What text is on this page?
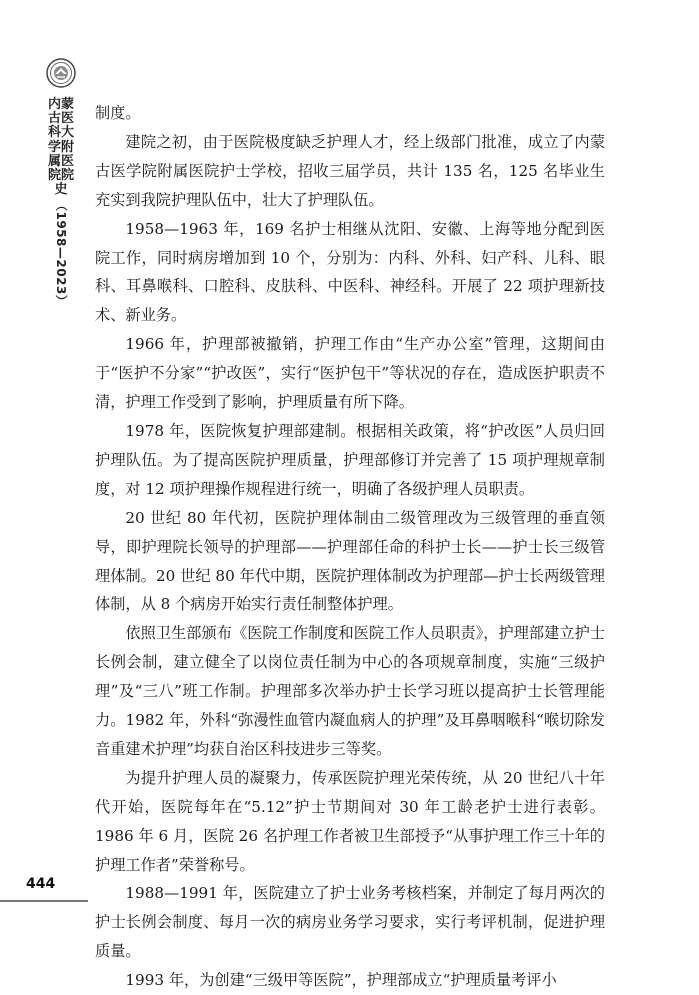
内蒙古医科大学附属医院院史
（1958—2023）
444

制度。

建院之初，由于医院极度缺乏护理人才，经上级部门批准，成立了内蒙古医学院附属医院护士学校，招收三届学员，共计 135 名，125 名毕业生充实到我院护理队伍中，壮大了护理队伍。

1958—1963 年，169 名护士相继从沈阳、安徽、上海等地分配到医院工作，同时病房增加到 10 个，分别为：内科、外科、妇产科、儿科、眼科、耳鼻喉科、口腔科、皮肤科、中医科、神经科。开展了 22 项护理新技术、新业务。

1966 年，护理部被撤销，护理工作由“生产办公室”管理，这期间由于“医护不分家”“护改医”，实行“医护包干”等状况的存在，造成医护职责不清，护理工作受到了影响，护理质量有所下降。

1978 年，医院恢复护理部建制。根据相关政策，将“护改医”人员归回护理队伍。为了提高医院护理质量，护理部修订并完善了 15 项护理规章制度，对 12 项护理操作规程进行统一，明确了各级护理人员职责。

20 世纪 80 年代初，医院护理体制由二级管理改为三级管理的垂直领导，即护理院长领导的护理部——护理部任命的科护士长——护士长三级管理体制。20 世纪 80 年代中期，医院护理体制改为护理部—护士长两级管理体制，从 8 个病房开始实行责任制整体护理。

依照卫生部颁布《医院工作制度和医院工作人员职责》，护理部建立护士长例会制，建立健全了以岗位责任制为中心的各项规章制度，实施“三级护理”及“三八”班工作制。护理部多次举办护士长学习班以提高护士长管理能力。1982 年，外科“弥漫性血管内凝血病人的护理”及耳鼻咽喉科“喉切除发音重建术护理”均获自治区科技进步三等奖。

为提升护理人员的凝聚力，传承医院护理光荣传统，从 20 世纪八十年代开始，医院每年在“5.12”护士节期间对 30 年工龄老护士进行表彰。1986 年 6 月，医院 26 名护理工作者被卫生部授予“从事护理工作三十年的护理工作者”荣誉称号。

1988—1991 年，医院建立了护士业务考核档案，并制定了每月两次的护士长例会制度、每月一次的病房业务学习要求，实行考评机制，促进护理质量。

1993 年，为创建“三级甲等医院”，护理部成立“护理质量考评小
